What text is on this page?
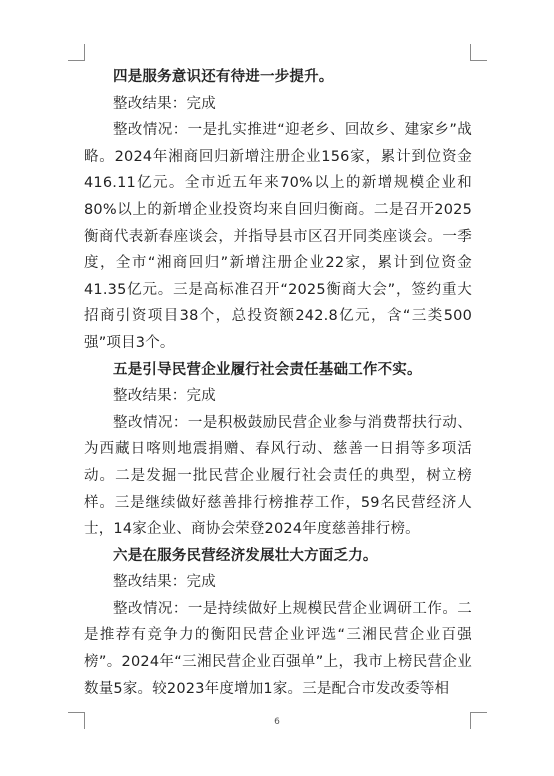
四是服务意识还有待进一步提升。

整改结果：完成

整改情况：一是扎实推进“迎老乡、回故乡、建家乡”战略。2024年湘商回归新增注册企业156家，累计到位资金416.11亿元。全市近五年来70%以上的新增规模企业和80%以上的新增企业投资均来自回归衡商。二是召开2025衡商代表新春座谈会，并指导县市区召开同类座谈会。一季度，全市“湘商回归”新增注册企业22家，累计到位资金41.35亿元。三是高标准召开“2025衡商大会”，签约重大招商引资项目38个，总投资额242.8亿元，含“三类500强”项目3个。

五是引导民营企业履行社会责任基础工作不实。

整改结果：完成

整改情况：一是积极鼓励民营企业参与消费帮扶行动、为西藏日喀则地震捐赠、春风行动、慈善一日捐等多项活动。二是发掘一批民营企业履行社会责任的典型，树立榜样。三是继续做好慈善排行榜推荐工作，59名民营经济人士，14家企业、商协会荣登2024年度慈善排行榜。

六是在服务民营经济发展壮大方面乏力。

整改结果：完成

整改情况：一是持续做好上规模民营企业调研工作。二是推荐有竞争力的衡阳民营企业评选“三湘民营企业百强榜”。2024年“三湘民营企业百强单”上，我市上榜民营企业数量5家。较2023年度增加1家。三是配合市发改委等相

6
